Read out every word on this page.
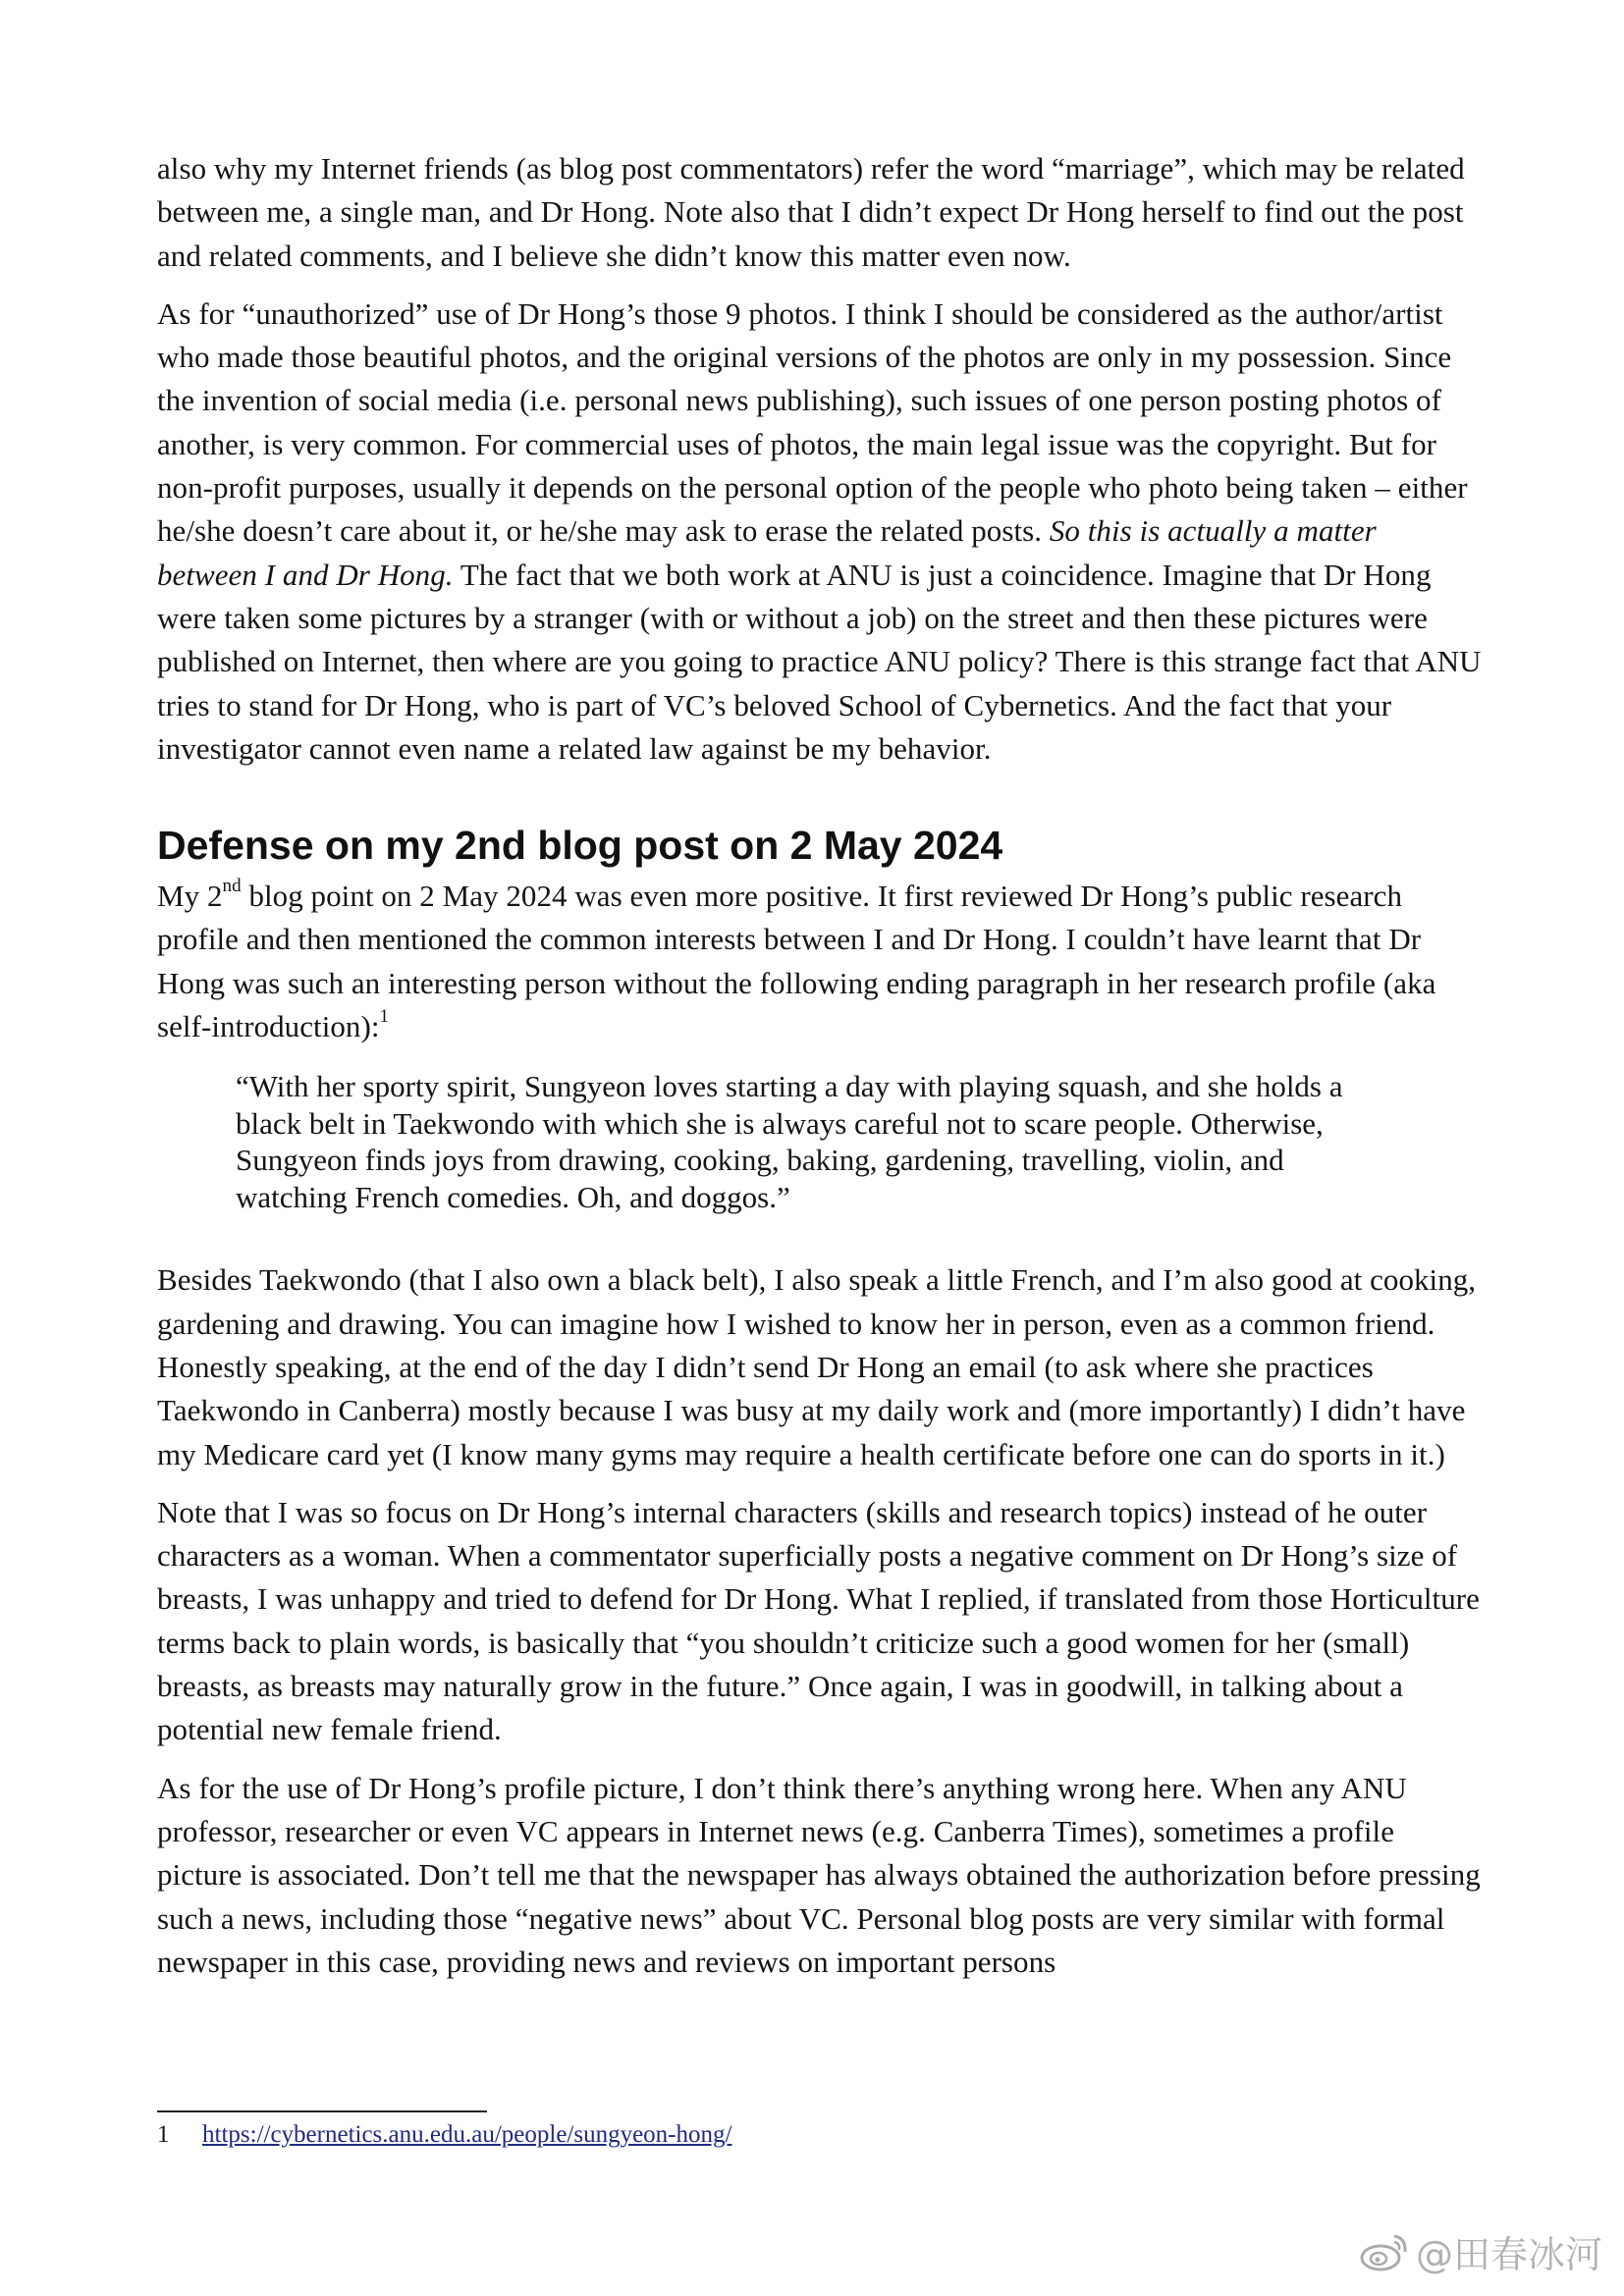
also why my Internet friends (as blog post commentators) refer the word “marriage”, which may be related between me, a single man, and Dr Hong. Note also that I didn’t expect Dr Hong herself to find out the post and related comments, and I believe she didn’t know this matter even now.

As for “unauthorized” use of Dr Hong’s those 9 photos. I think I should be considered as the author/artist who made those beautiful photos, and the original versions of the photos are only in my possession. Since the invention of social media (i.e. personal news publishing), such issues of one person posting photos of another, is very common. For commercial uses of photos, the main legal issue was the copyright. But for non-profit purposes, usually it depends on the personal option of the people who photo being taken – either he/she doesn’t care about it, or he/she may ask to erase the related posts. So this is actually a matter between I and Dr Hong. The fact that we both work at ANU is just a coincidence. Imagine that Dr Hong were taken some pictures by a stranger (with or without a job) on the street and then these pictures were published on Internet, then where are you going to practice ANU policy? There is this strange fact that ANU tries to stand for Dr Hong, who is part of VC’s beloved School of Cybernetics. And the fact that your investigator cannot even name a related law against be my behavior.

Defense on my 2nd blog post on 2 May 2024

My 2nd blog point on 2 May 2024 was even more positive. It first reviewed Dr Hong’s public research profile and then mentioned the common interests between I and Dr Hong. I couldn’t have learnt that Dr Hong was such an interesting person without the following ending paragraph in her research profile (aka self-introduction):$^1$

“With her sporty spirit, Sungyeon loves starting a day with playing squash, and she holds a black belt in Taekwondo with which she is always careful not to scare people. Otherwise, Sungyeon finds joys from drawing, cooking, baking, gardening, travelling, violin, and watching French comedies. Oh, and doggos.”

Besides Taekwondo (that I also own a black belt), I also speak a little French, and I’m also good at cooking, gardening and drawing. You can imagine how I wished to know her in person, even as a common friend. Honestly speaking, at the end of the day I didn’t send Dr Hong an email (to ask where she practices Taekwondo in Canberra) mostly because I was busy at my daily work and (more importantly) I didn’t have my Medicare card yet (I know many gyms may require a health certificate before one can do sports in it.)

Note that I was so focus on Dr Hong’s internal characters (skills and research topics) instead of he outer characters as a woman. When a commentator superficially posts a negative comment on Dr Hong’s size of breasts, I was unhappy and tried to defend for Dr Hong. What I replied, if translated from those Horticulture terms back to plain words, is basically that “you shouldn’t criticize such a good women for her (small) breasts, as breasts may naturally grow in the future.” Once again, I was in goodwill, in talking about a potential new female friend.

As for the use of Dr Hong’s profile picture, I don’t think there’s anything wrong here. When any ANU professor, researcher or even VC appears in Internet news (e.g. Canberra Times), sometimes a profile picture is associated. Don’t tell me that the newspaper has always obtained the authorization before pressing such a news, including those “negative news” about VC. Personal blog posts are very similar with formal newspaper in this case, providing news and reviews on important persons

1 https://cybernetics.anu.edu.au/people/sungyeon-hong/
@田春冰河
